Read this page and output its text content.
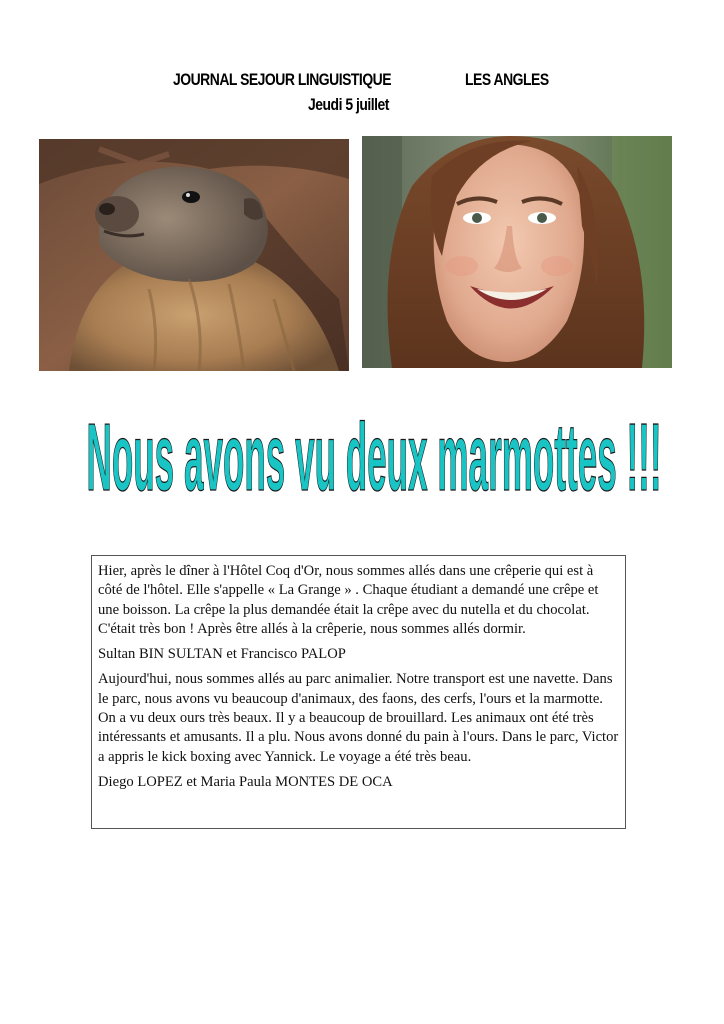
JOURNAL SEJOUR LINGUISTIQUE	LES ANGLES
Jeudi 5 juillet
Nous avons vu deux marmottes !!!

Hier, après le dîner à l'Hôtel Coq d'Or, nous sommes allés dans une crêperie qui est à côté de l'hôtel. Elle s'appelle « La Grange » . Chaque étudiant a demandé une crêpe et une boisson. La crêpe la plus demandée était la crêpe avec du nutella et du chocolat. C'était très bon ! Après être allés à la crêperie, nous sommes allés dormir.

Sultan BIN SULTAN et Francisco PALOP

Aujourd'hui, nous sommes allés au parc animalier. Notre transport est une navette. Dans le parc, nous avons vu beaucoup d'animaux, des faons, des cerfs, l'ours et la marmotte. On a vu deux ours très beaux. Il y a beaucoup de brouillard. Les animaux ont été très intéressants et amusants. Il a plu. Nous avons donné du pain à l'ours. Dans le parc, Victor a appris le kick boxing avec Yannick. Le voyage a été très beau.

Diego LOPEZ et Maria Paula MONTES DE OCA
